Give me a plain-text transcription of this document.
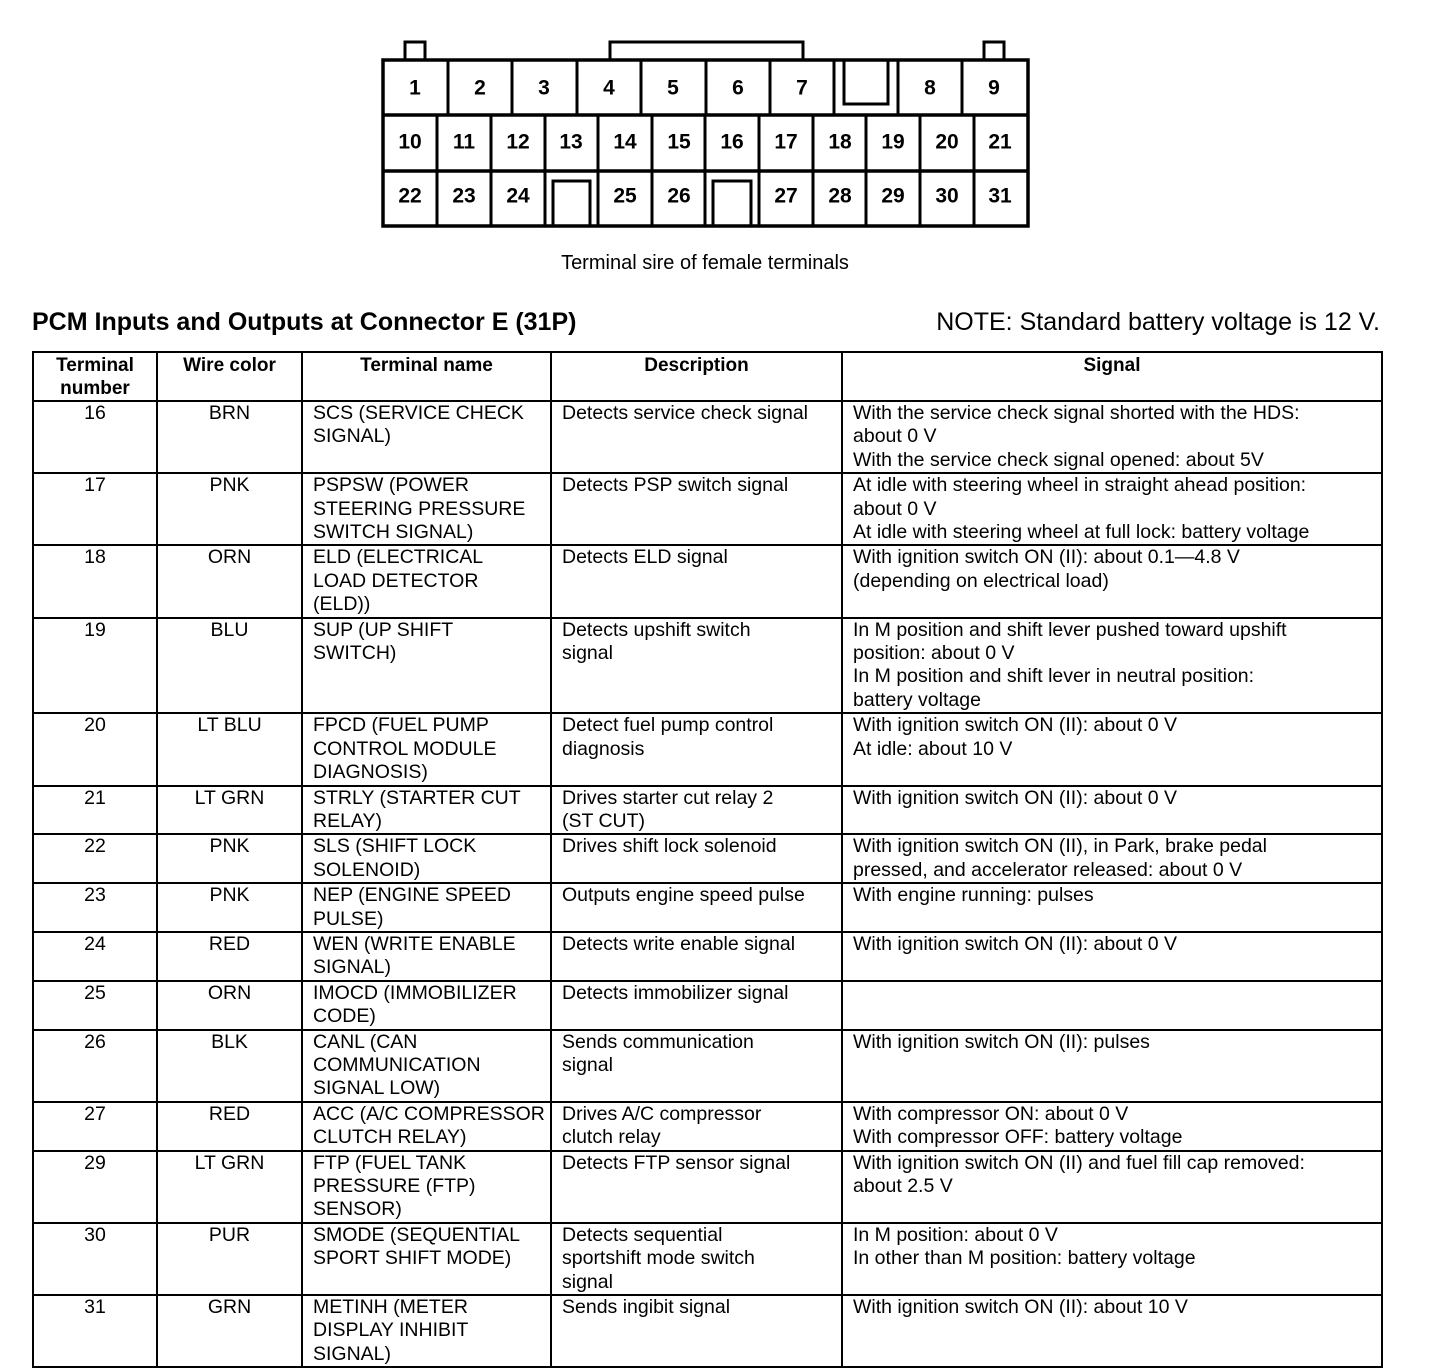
1	2 3	4 5	6 7	8 9
10 11 12 13 14 15 16 17 18 19 20 21
22 23 24	25 26	27 28 29 30 31
Terminal sire of female terminals
PCM Inputs and Outputs at Connector E (31P)	NOTE: Standard battery voltage is 12 V.
Terminal
number	Wire color	Terminal name	Description	Signal
16	BRN	SCS (SERVICE CHECK
SIGNAL)	Detects service check signal	With the service check signal shorted with the HDS:
about 0 V
With the service check signal opened: about 5V

17	PNK	PSPSW (POWER
STEERING PRESSURE
SWITCH SIGNAL)	Detects PSP switch signal	At idle with steering wheel in straight ahead position:
about 0 V
At idle with steering wheel at full lock: battery voltage

18	ORN	ELD (ELECTRICAL
LOAD DETECTOR
(ELD))	Detects ELD signal	With ignition switch ON (II): about 0.1—4.8 V
(depending on electrical load)

19	BLU	SUP (UP SHIFT
SWITCH)	Detects upshift switch
signal	In M position and shift lever pushed toward upshift
position: about 0 V
In M position and shift lever in neutral position:
battery voltage

20	LT BLU	FPCD (FUEL PUMP
CONTROL MODULE
DIAGNOSIS)	Detect fuel pump control
diagnosis	With ignition switch ON (II): about 0 V
At idle: about 10 V

21	LT GRN	STRLY (STARTER CUT
RELAY)	Drives starter cut relay 2
(ST CUT)	With ignition switch ON (II): about 0 V

22	PNK	SLS (SHIFT LOCK
SOLENOID)	Drives shift lock solenoid	With ignition switch ON (II), in Park, brake pedal
pressed, and accelerator released: about 0 V

23	PNK	NEP (ENGINE SPEED
PULSE)	Outputs engine speed pulse	With engine running: pulses

24	RED	WEN (WRITE ENABLE
SIGNAL)	Detects write enable signal	With ignition switch ON (II): about 0 V

25	ORN	IMOCD (IMMOBILIZER
CODE)	Detects immobilizer signal	

26	BLK	CANL (CAN
COMMUNICATION
SIGNAL LOW)	Sends communication
signal	With ignition switch ON (II): pulses

27	RED	ACC (A/C COMPRESSOR
CLUTCH RELAY)	Drives A/C compressor
clutch relay	With compressor ON: about 0 V
With compressor OFF: battery voltage

29	LT GRN	FTP (FUEL TANK
PRESSURE (FTP)
SENSOR)	Detects FTP sensor signal	With ignition switch ON (II) and fuel fill cap removed:
about 2.5 V

30	PUR	SMODE (SEQUENTIAL
SPORT SHIFT MODE)	Detects sequential
sportshift mode switch
signal	In M position: about 0 V
In other than M position: battery voltage

31	GRN	METINH (METER
DISPLAY INHIBIT
SIGNAL)	Sends ingibit signal	With ignition switch ON (II): about 10 V
